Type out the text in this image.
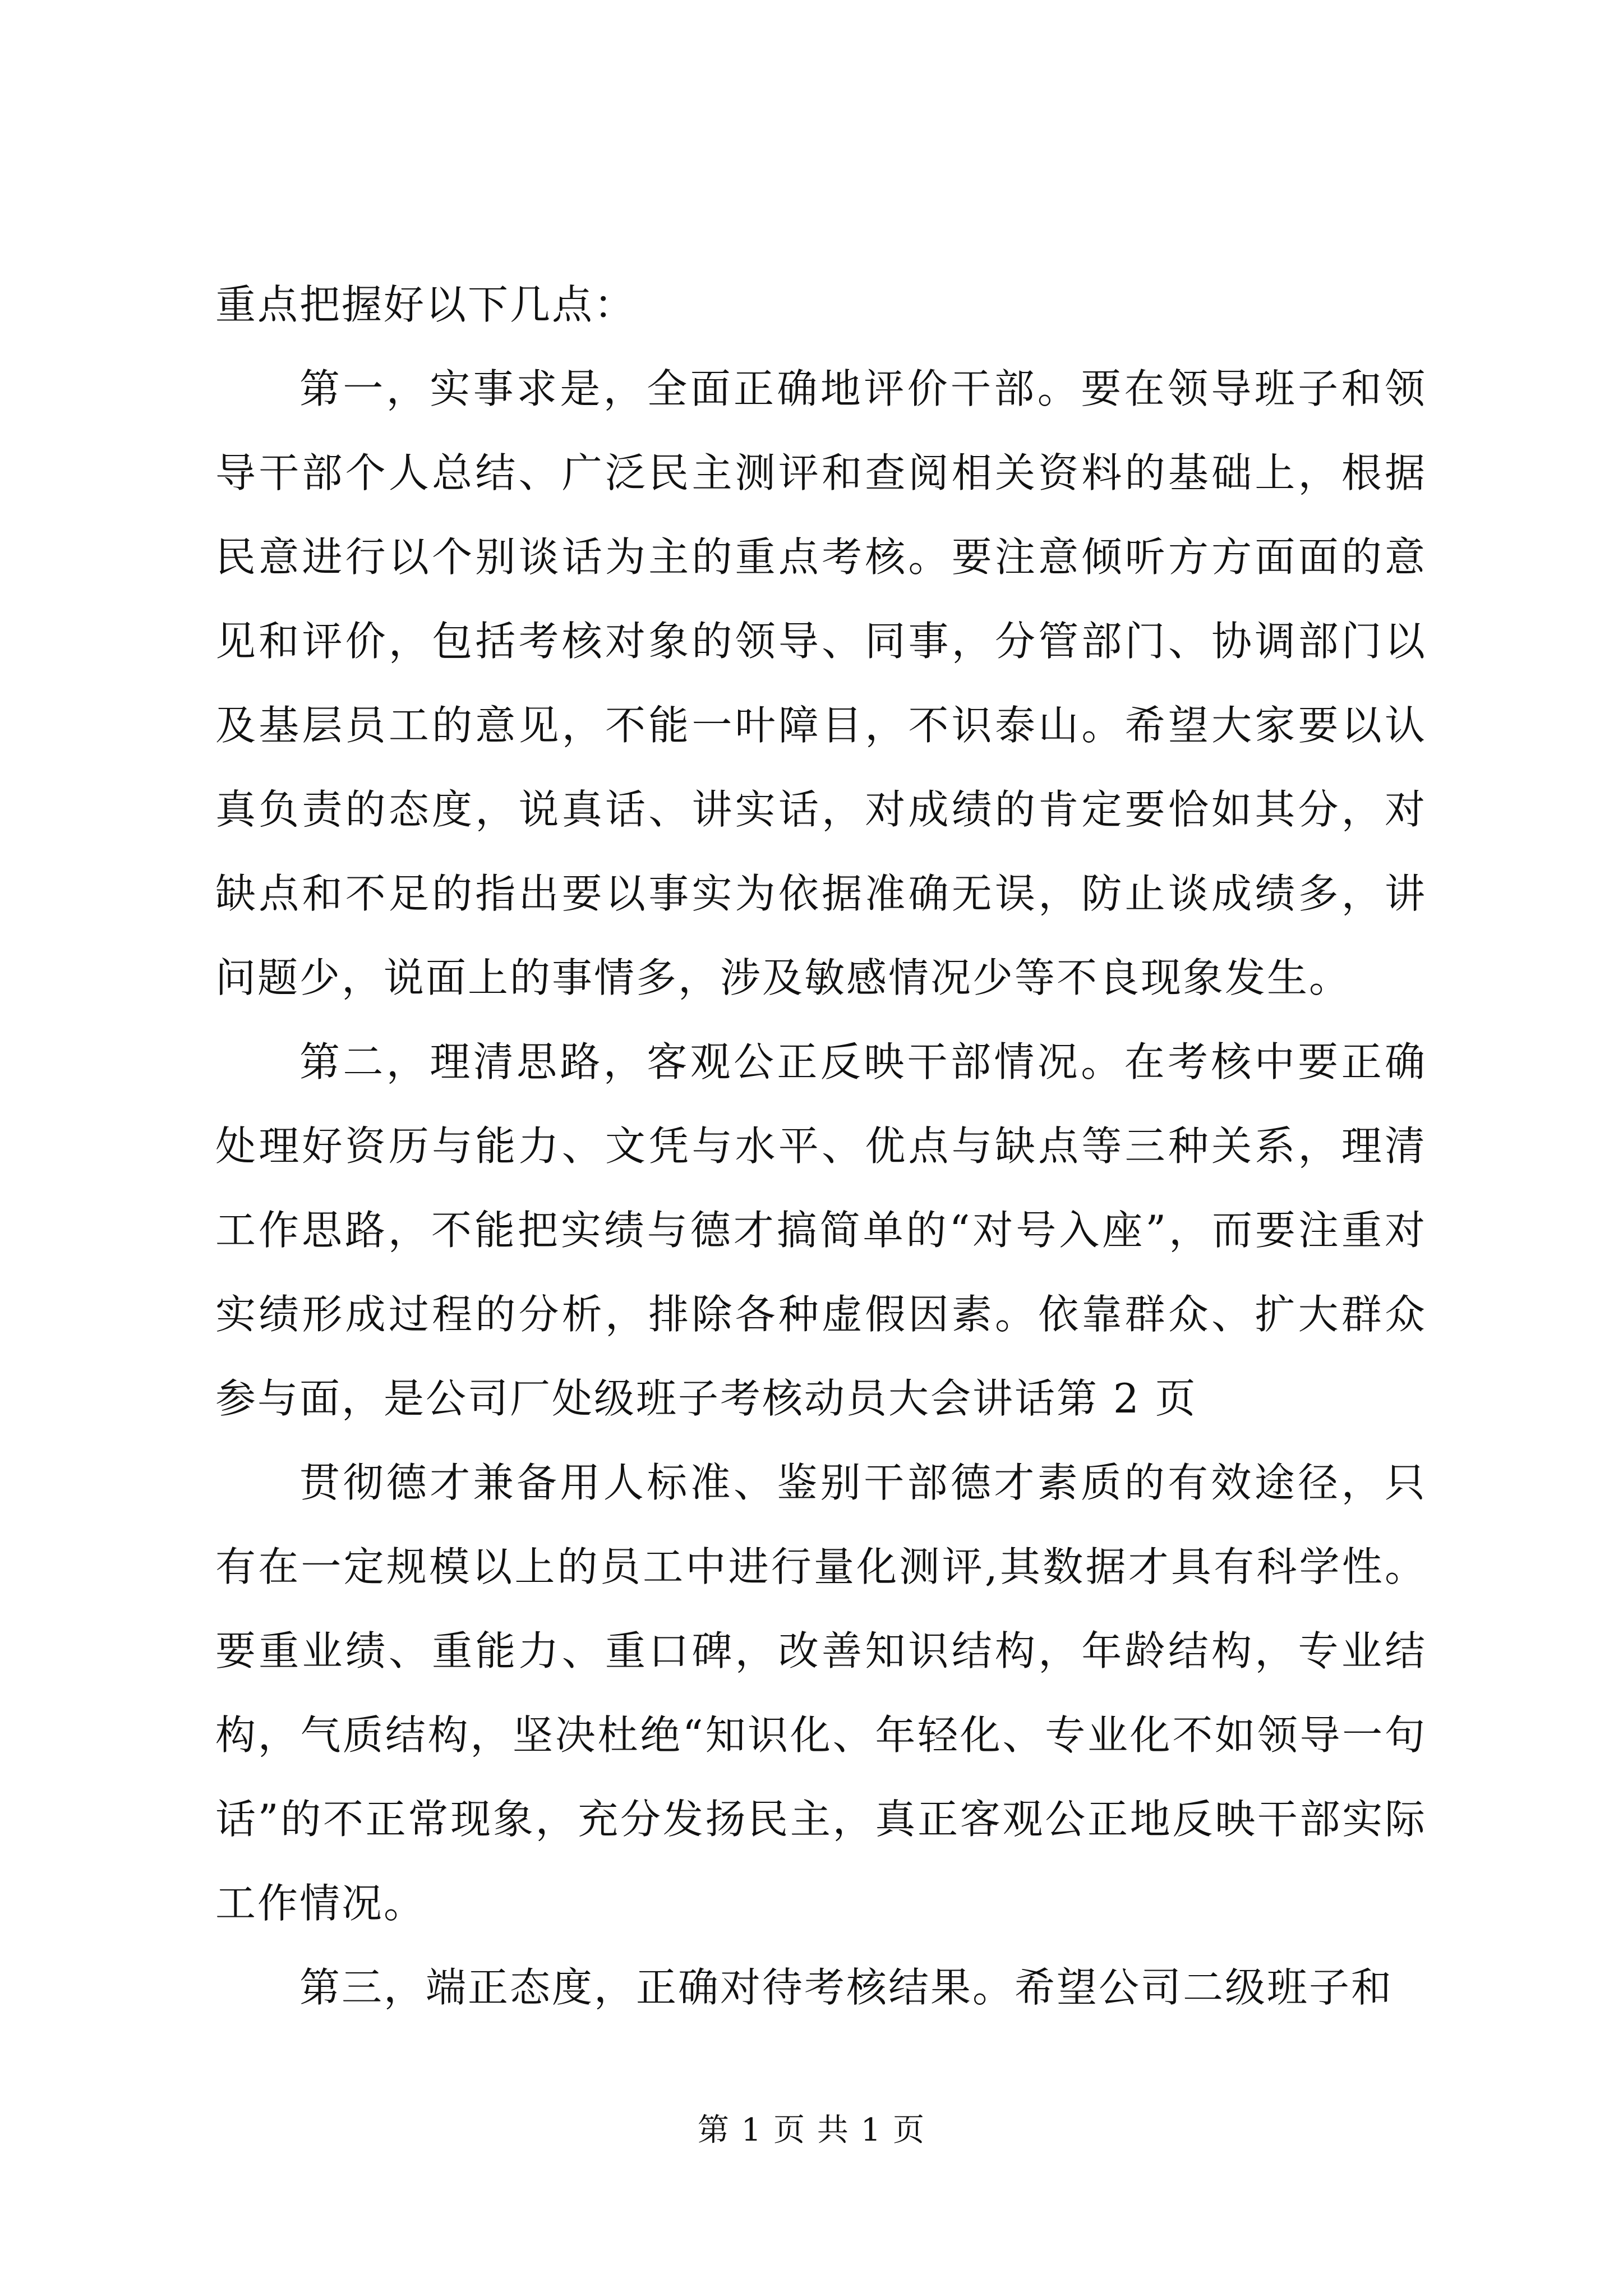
重点把握好以下几点：

第一，实事求是，全面正确地评价干部。要在领导班子和领导干部个人总结、广泛民主测评和查阅相关资料的基础上，根据民意进行以个别谈话为主的重点考核。要注意倾听方方面面的意见和评价，包括考核对象的领导、同事，分管部门、协调部门以及基层员工的意见，不能一叶障目，不识泰山。希望大家要以认真负责的态度，说真话、讲实话，对成绩的肯定要恰如其分，对缺点和不足的指出要以事实为依据准确无误，防止谈成绩多，讲问题少，说面上的事情多，涉及敏感情况少等不良现象发生。

第二，理清思路，客观公正反映干部情况。在考核中要正确处理好资历与能力、文凭与水平、优点与缺点等三种关系，理清工作思路，不能把实绩与德才搞简单的“对号入座”，而要注重对实绩形成过程的分析，排除各种虚假因素。依靠群众、扩大群众参与面，是公司厂处级班子考核动员大会讲话第 2 页

贯彻德才兼备用人标准、鉴别干部德才素质的有效途径，只有在一定规模以上的员工中进行量化测评,其数据才具有科学性。要重业绩、重能力、重口碑，改善知识结构，年龄结构，专业结构，气质结构，坚决杜绝“知识化、年轻化、专业化不如领导一句话”的不正常现象，充分发扬民主，真正客观公正地反映干部实际工作情况。

第三，端正态度，正确对待考核结果。希望公司二级班子和

第 1 页 共 1 页
